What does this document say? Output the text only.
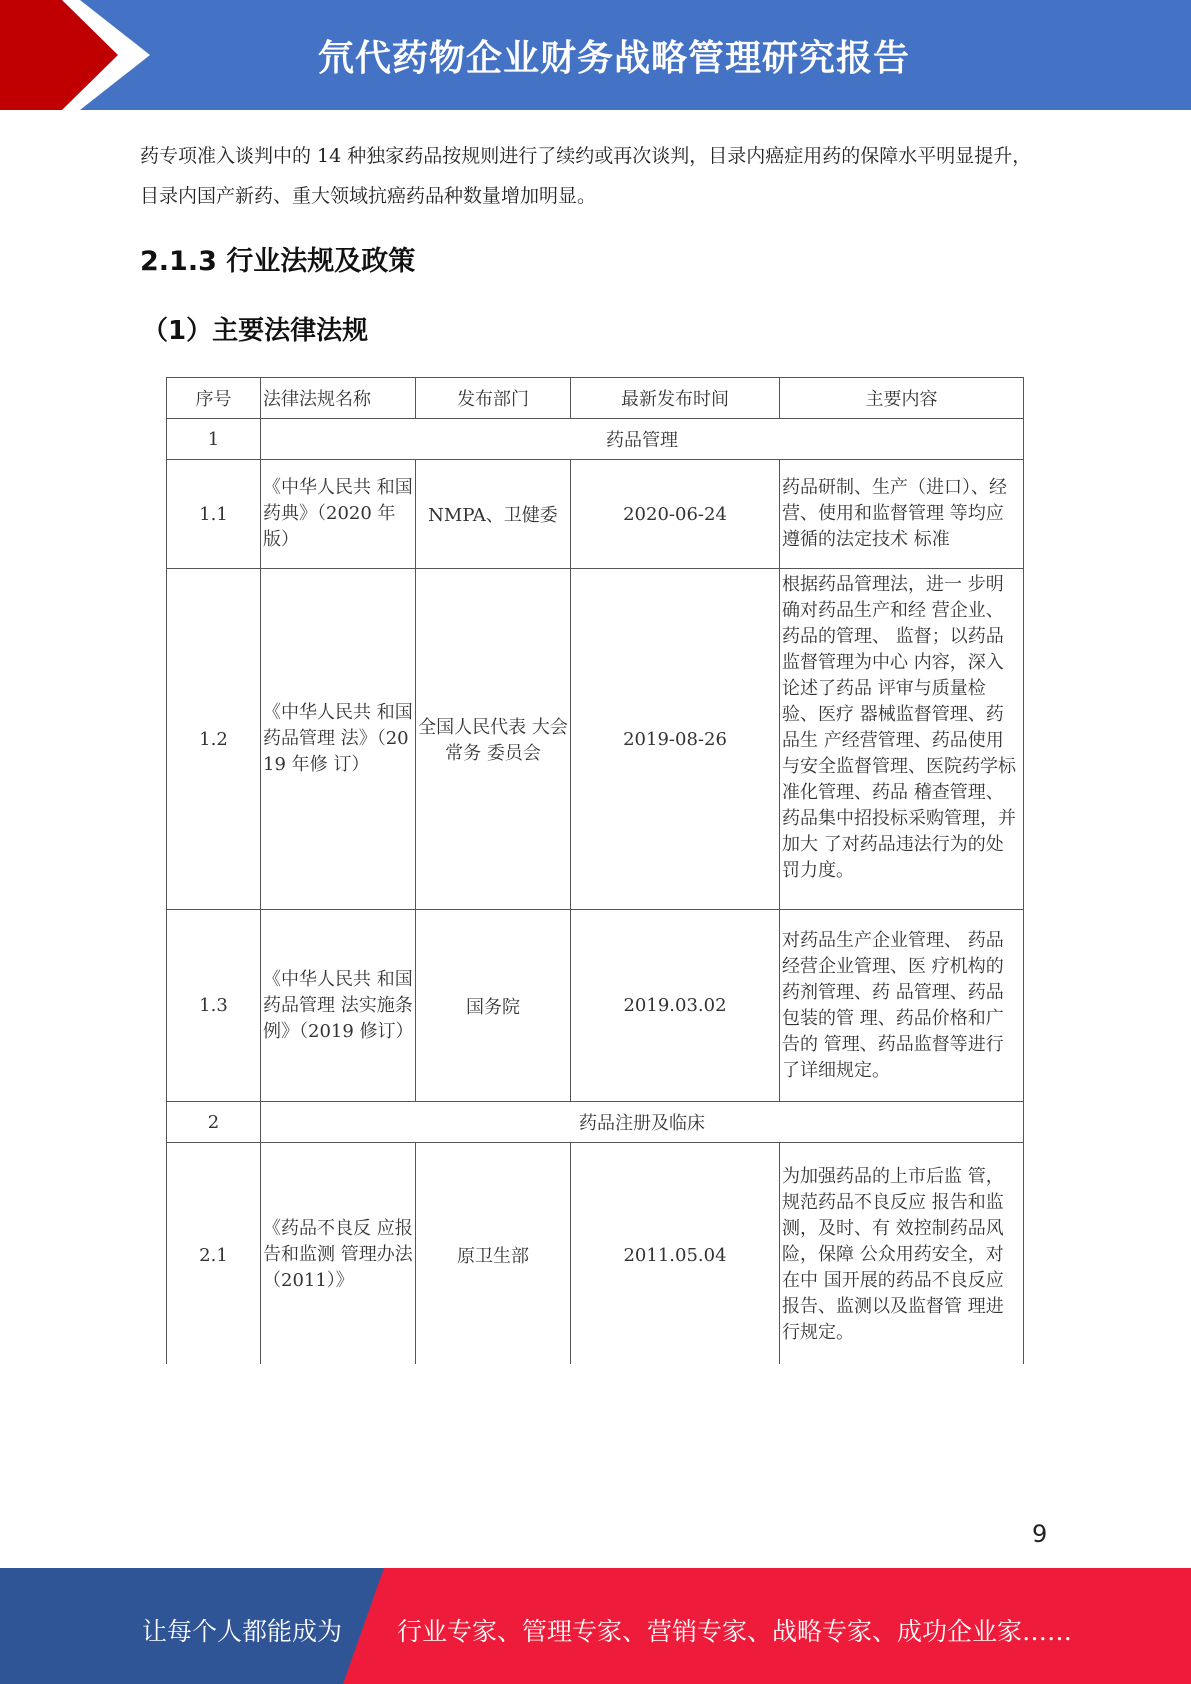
氘代药物企业财务战略管理研究报告
药专项准入谈判中的 14 种独家药品按规则进行了续约或再次谈判，目录内癌症用药的保障水平明显提升，目录内国产新药、重大领域抗癌药品种数量增加明显。
2.1.3 行业法规及政策
（1）主要法律法规
序号	法律法规名称	发布部门	最新发布时间	主要内容
1	药品管理			
1.1	《中华人民共 和国药典》（2020 年版）	NMPA、卫健委	2020-06-24	药品研制、生产（进口）、经营、使用和监督管理 等均应遵循的法定技术 标准
1.2	《中华人民共 和国药品管理 法》（2019 年修 订）	全国人民代表 大会常务 委员会	2019-08-26	根据药品管理法，进一 步明确对药品生产和经 营企业、药品的管理、 监督；以药品监督管理为中心 内容，深入论述了药品 评审与质量检验、医疗 器械监督管理、药品生 产经营管理、药品使用 与安全监督管理、医院药学标准化管理、药品 稽查管理、药品集中招投标采购管理，并加大 了对药品违法行为的处 罚力度。

1.3	《中华人民共 和国药品管理 法实施条例》（2019 修订）	国务院	2019.03.02	对药品生产企业管理、 药品经营企业管理、医 疗机构的药剂管理、药 品管理、药品包装的管 理、药品价格和广告的 管理、药品监督等进行 了详细规定。
2	药品注册及临床			
2.1	《药品不良反 应报告和监测 管理办法（2011）》	原卫生部	2011.05.04	为加强药品的上市后监 管，规范药品不良反应 报告和监测，及时、有 效控制药品风险，保障 公众用药安全，对在中 国开展的药品不良反应 报告、监测以及监督管 理进行规定。
9
让每个人都能成为 行业专家、管理专家、营销专家、战略专家、成功企业家……
